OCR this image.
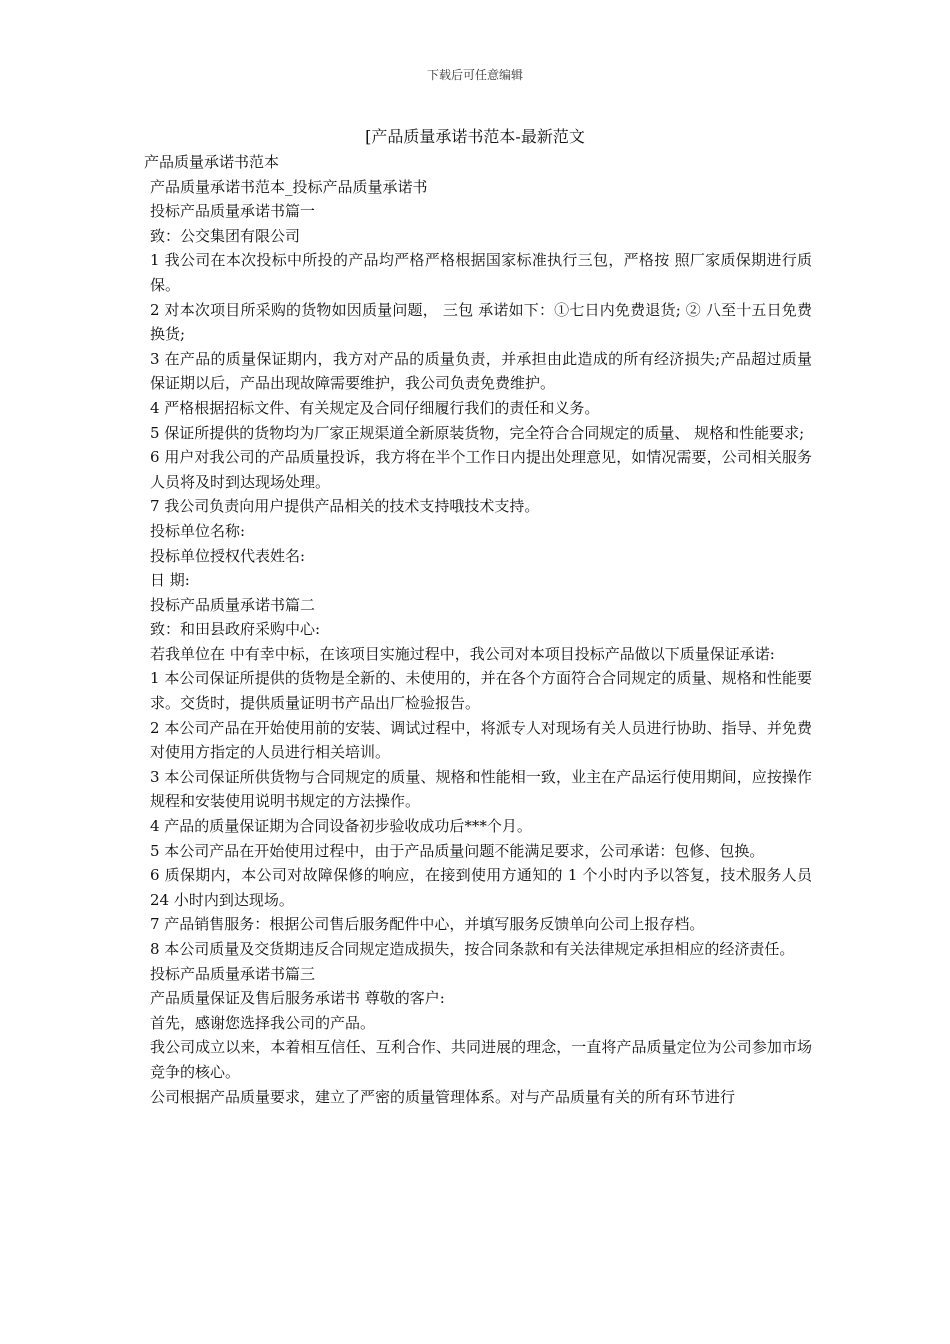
下载后可任意编辑
[产品质量承诺书范本-最新范文

产品质量承诺书范本

产品质量承诺书范本_投标产品质量承诺书

投标产品质量承诺书篇一

致：公交集团有限公司

1 我公司在本次投标中所投的产品均严格严格根据国家标准执行三包，严格按 照厂家质保期进行质保。

2 对本次项目所采购的货物如因质量问题， 三包 承诺如下：①七日内免费退货; ② 八至十五日免费换货;

3 在产品的质量保证期内，我方对产品的质量负责，并承担由此造成的所有经济损失;产品超过质量保证期以后，产品出现故障需要维护，我公司负责免费维护。

4 严格根据招标文件、有关规定及合同仔细履行我们的责任和义务。

5 保证所提供的货物均为厂家正规渠道全新原装货物，完全符合合同规定的质量、 规格和性能要求;

6 用户对我公司的产品质量投诉，我方将在半个工作日内提出处理意见，如情况需要，公司相关服务人员将及时到达现场处理。

7 我公司负责向用户提供产品相关的技术支持哦技术支持。

投标单位名称:

投标单位授权代表姓名:

日 期:

投标产品质量承诺书篇二

致：和田县政府采购中心:

若我单位在 中有幸中标，在该项目实施过程中，我公司对本项目投标产品做以下质量保证承诺:

1 本公司保证所提供的货物是全新的、未使用的，并在各个方面符合合同规定的质量、规格和性能要求。交货时，提供质量证明书产品出厂检验报告。

2 本公司产品在开始使用前的安装、调试过程中，将派专人对现场有关人员进行协助、指导、并免费对使用方指定的人员进行相关培训。

3 本公司保证所供货物与合同规定的质量、规格和性能相一致，业主在产品运行使用期间，应按操作规程和安装使用说明书规定的方法操作。

4 产品的质量保证期为合同设备初步验收成功后***个月。

5 本公司产品在开始使用过程中，由于产品质量问题不能满足要求，公司承诺：包修、包换。

6 质保期内，本公司对故障保修的响应，在接到使用方通知的 1 个小时内予以答复，技术服务人员 24 小时内到达现场。

7 产品销售服务：根据公司售后服务配件中心，并填写服务反馈单向公司上报存档。

8 本公司质量及交货期违反合同规定造成损失，按合同条款和有关法律规定承担相应的经济责任。

投标产品质量承诺书篇三

产品质量保证及售后服务承诺书 尊敬的客户:

首先，感谢您选择我公司的产品。

我公司成立以来，本着相互信任、互利合作、共同进展的理念，一直将产品质量定位为公司参加市场竞争的核心。

公司根据产品质量要求，建立了严密的质量管理体系。对与产品质量有关的所有环节进行
